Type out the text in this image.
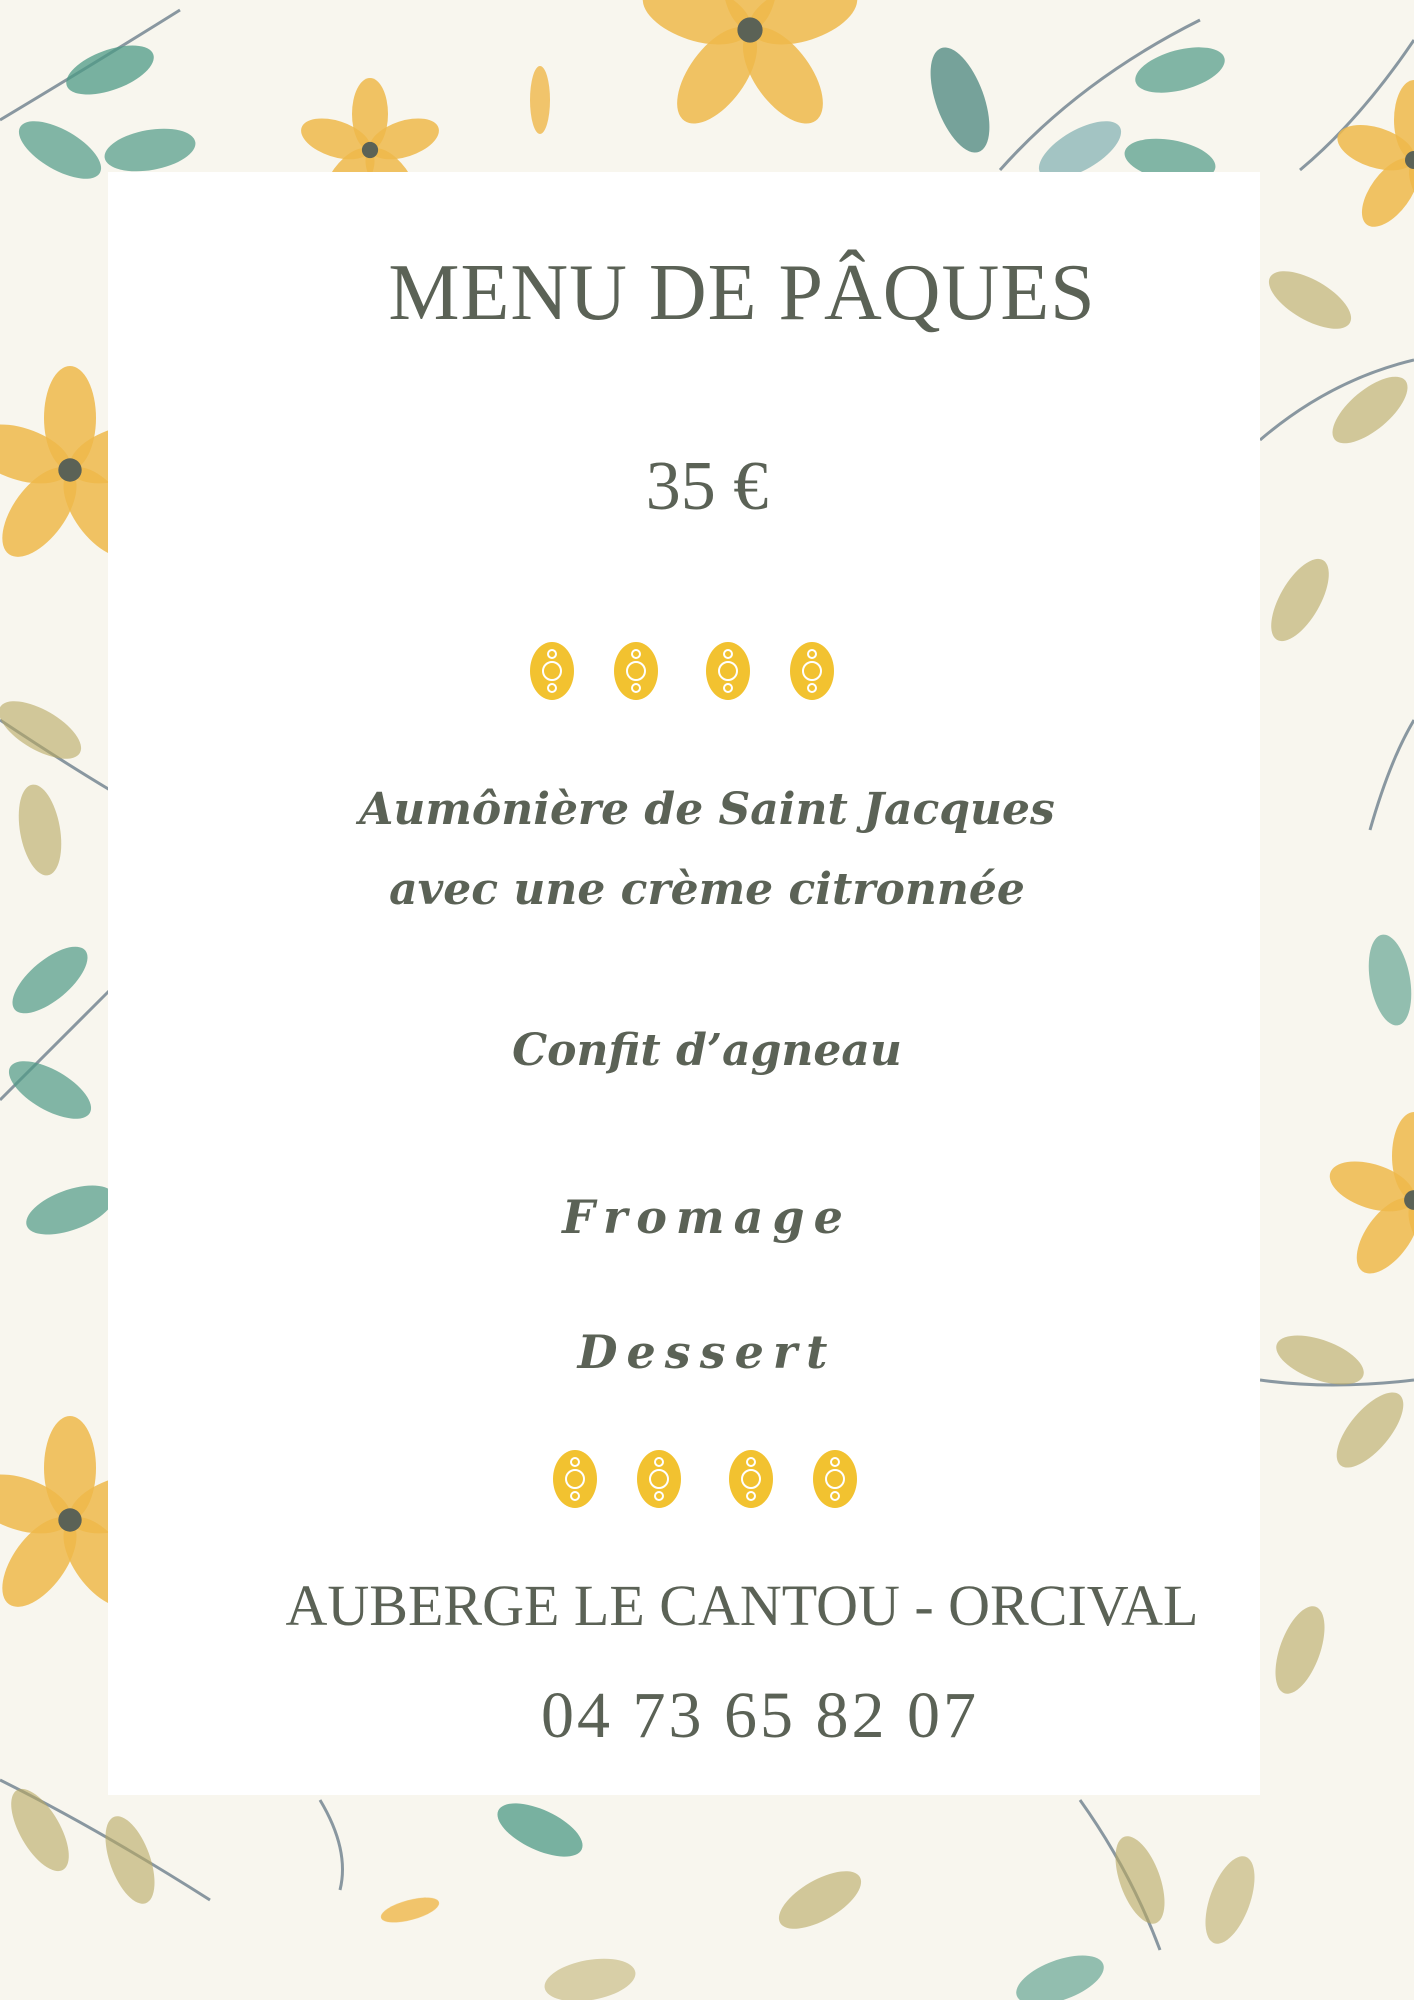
MENU DE PÂQUES
35 €
Aumônière de Saint Jacques
avec une crème citronnée
Confit d’agneau
Fromage
Dessert
AUBERGE LE CANTOU - ORCIVAL
04 73 65 82 07
